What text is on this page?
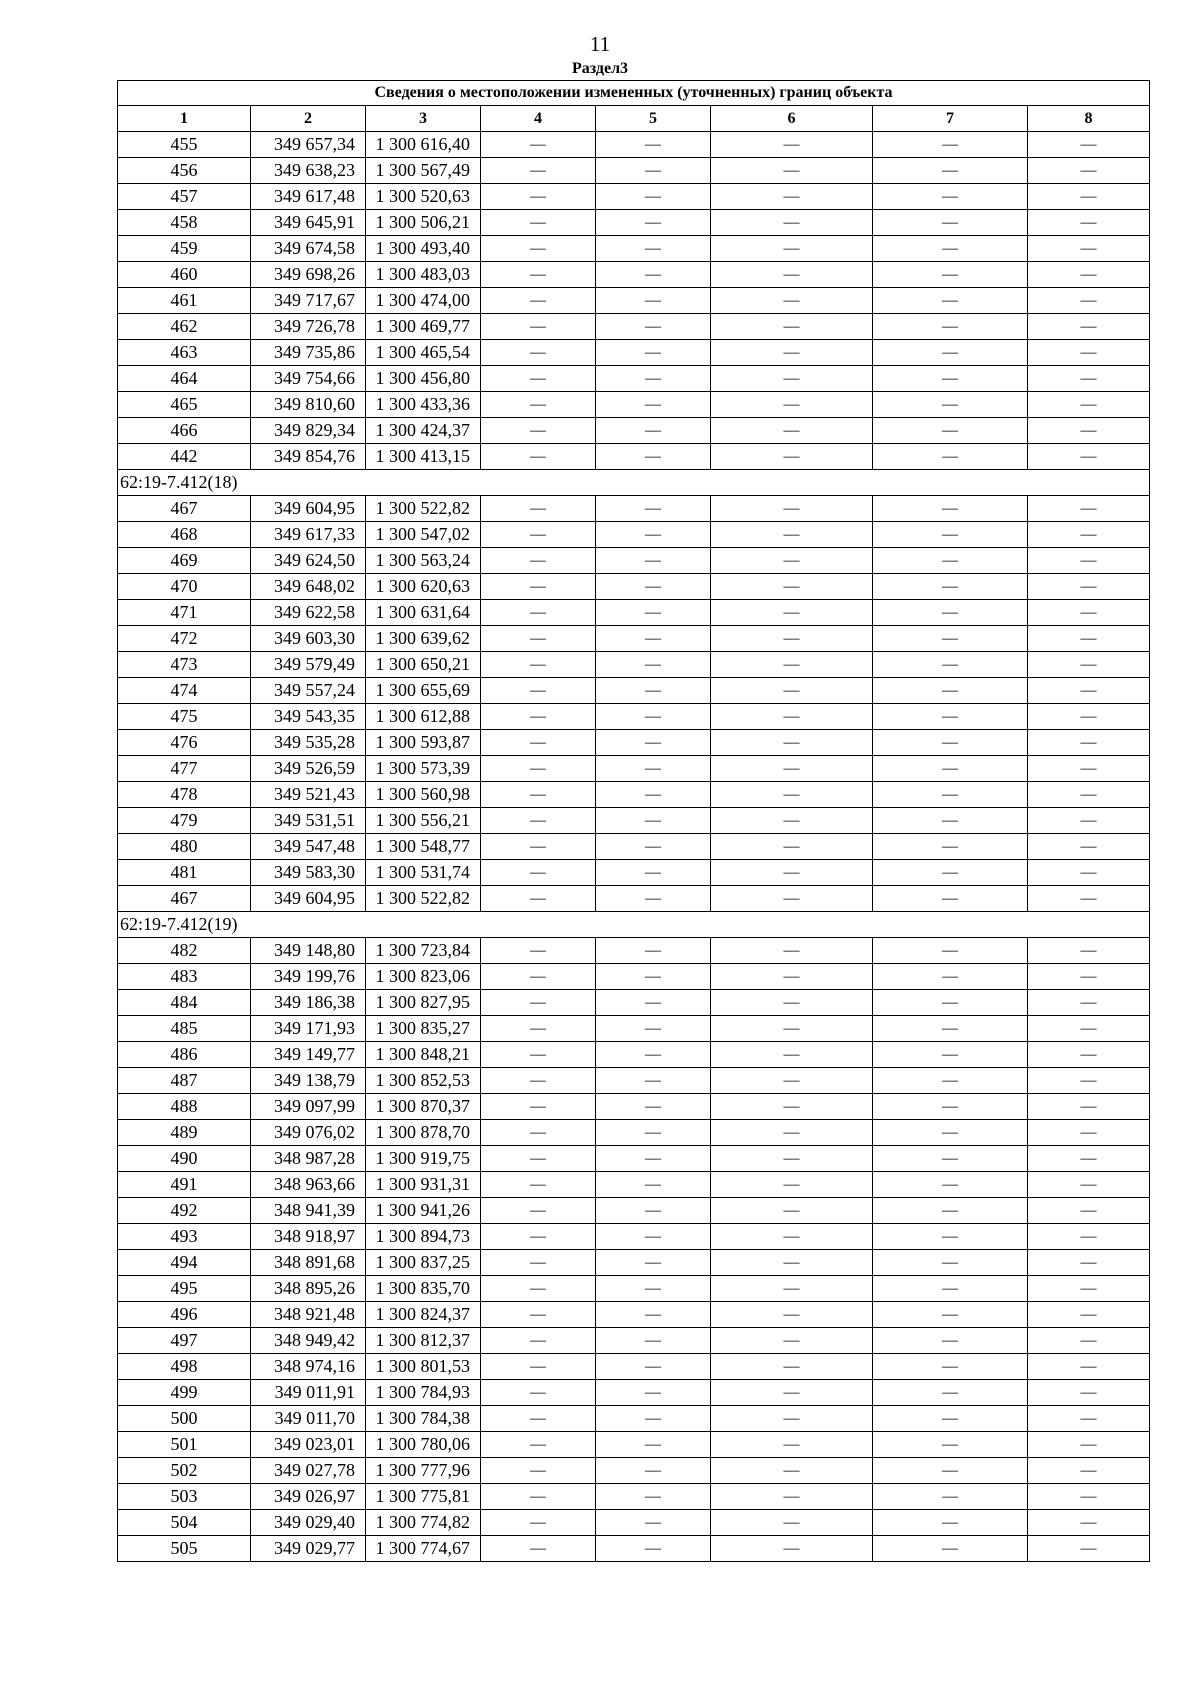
11
Раздел3
Сведения о местоположении измененных (уточненных) границ объекта							
1	2	3	4	5	6	7	8
455	349 657,34	1 300 616,40	—	—	—	—	—
456	349 638,23	1 300 567,49	—	—	—	—	—
457	349 617,48	1 300 520,63	—	—	—	—	—
458	349 645,91	1 300 506,21	—	—	—	—	—
459	349 674,58	1 300 493,40	—	—	—	—	—
460	349 698,26	1 300 483,03	—	—	—	—	—
461	349 717,67	1 300 474,00	—	—	—	—	—
462	349 726,78	1 300 469,77	—	—	—	—	—
463	349 735,86	1 300 465,54	—	—	—	—	—
464	349 754,66	1 300 456,80	—	—	—	—	—
465	349 810,60	1 300 433,36	—	—	—	—	—
466	349 829,34	1 300 424,37	—	—	—	—	—
442	349 854,76	1 300 413,15	—	—	—	—	—
62:19-7.412(18)							
467	349 604,95	1 300 522,82	—	—	—	—	—
468	349 617,33	1 300 547,02	—	—	—	—	—
469	349 624,50	1 300 563,24	—	—	—	—	—
470	349 648,02	1 300 620,63	—	—	—	—	—
471	349 622,58	1 300 631,64	—	—	—	—	—
472	349 603,30	1 300 639,62	—	—	—	—	—
473	349 579,49	1 300 650,21	—	—	—	—	—
474	349 557,24	1 300 655,69	—	—	—	—	—
475	349 543,35	1 300 612,88	—	—	—	—	—
476	349 535,28	1 300 593,87	—	—	—	—	—
477	349 526,59	1 300 573,39	—	—	—	—	—
478	349 521,43	1 300 560,98	—	—	—	—	—
479	349 531,51	1 300 556,21	—	—	—	—	—
480	349 547,48	1 300 548,77	—	—	—	—	—
481	349 583,30	1 300 531,74	—	—	—	—	—
467	349 604,95	1 300 522,82	—	—	—	—	—
62:19-7.412(19)							
482	349 148,80	1 300 723,84	—	—	—	—	—
483	349 199,76	1 300 823,06	—	—	—	—	—
484	349 186,38	1 300 827,95	—	—	—	—	—
485	349 171,93	1 300 835,27	—	—	—	—	—
486	349 149,77	1 300 848,21	—	—	—	—	—
487	349 138,79	1 300 852,53	—	—	—	—	—
488	349 097,99	1 300 870,37	—	—	—	—	—
489	349 076,02	1 300 878,70	—	—	—	—	—
490	348 987,28	1 300 919,75	—	—	—	—	—
491	348 963,66	1 300 931,31	—	—	—	—	—
492	348 941,39	1 300 941,26	—	—	—	—	—
493	348 918,97	1 300 894,73	—	—	—	—	—
494	348 891,68	1 300 837,25	—	—	—	—	—
495	348 895,26	1 300 835,70	—	—	—	—	—
496	348 921,48	1 300 824,37	—	—	—	—	—
497	348 949,42	1 300 812,37	—	—	—	—	—
498	348 974,16	1 300 801,53	—	—	—	—	—
499	349 011,91	1 300 784,93	—	—	—	—	—
500	349 011,70	1 300 784,38	—	—	—	—	—
501	349 023,01	1 300 780,06	—	—	—	—	—
502	349 027,78	1 300 777,96	—	—	—	—	—
503	349 026,97	1 300 775,81	—	—	—	—	—
504	349 029,40	1 300 774,82	—	—	—	—	—
505	349 029,77	1 300 774,67	—	—	—	—	—
